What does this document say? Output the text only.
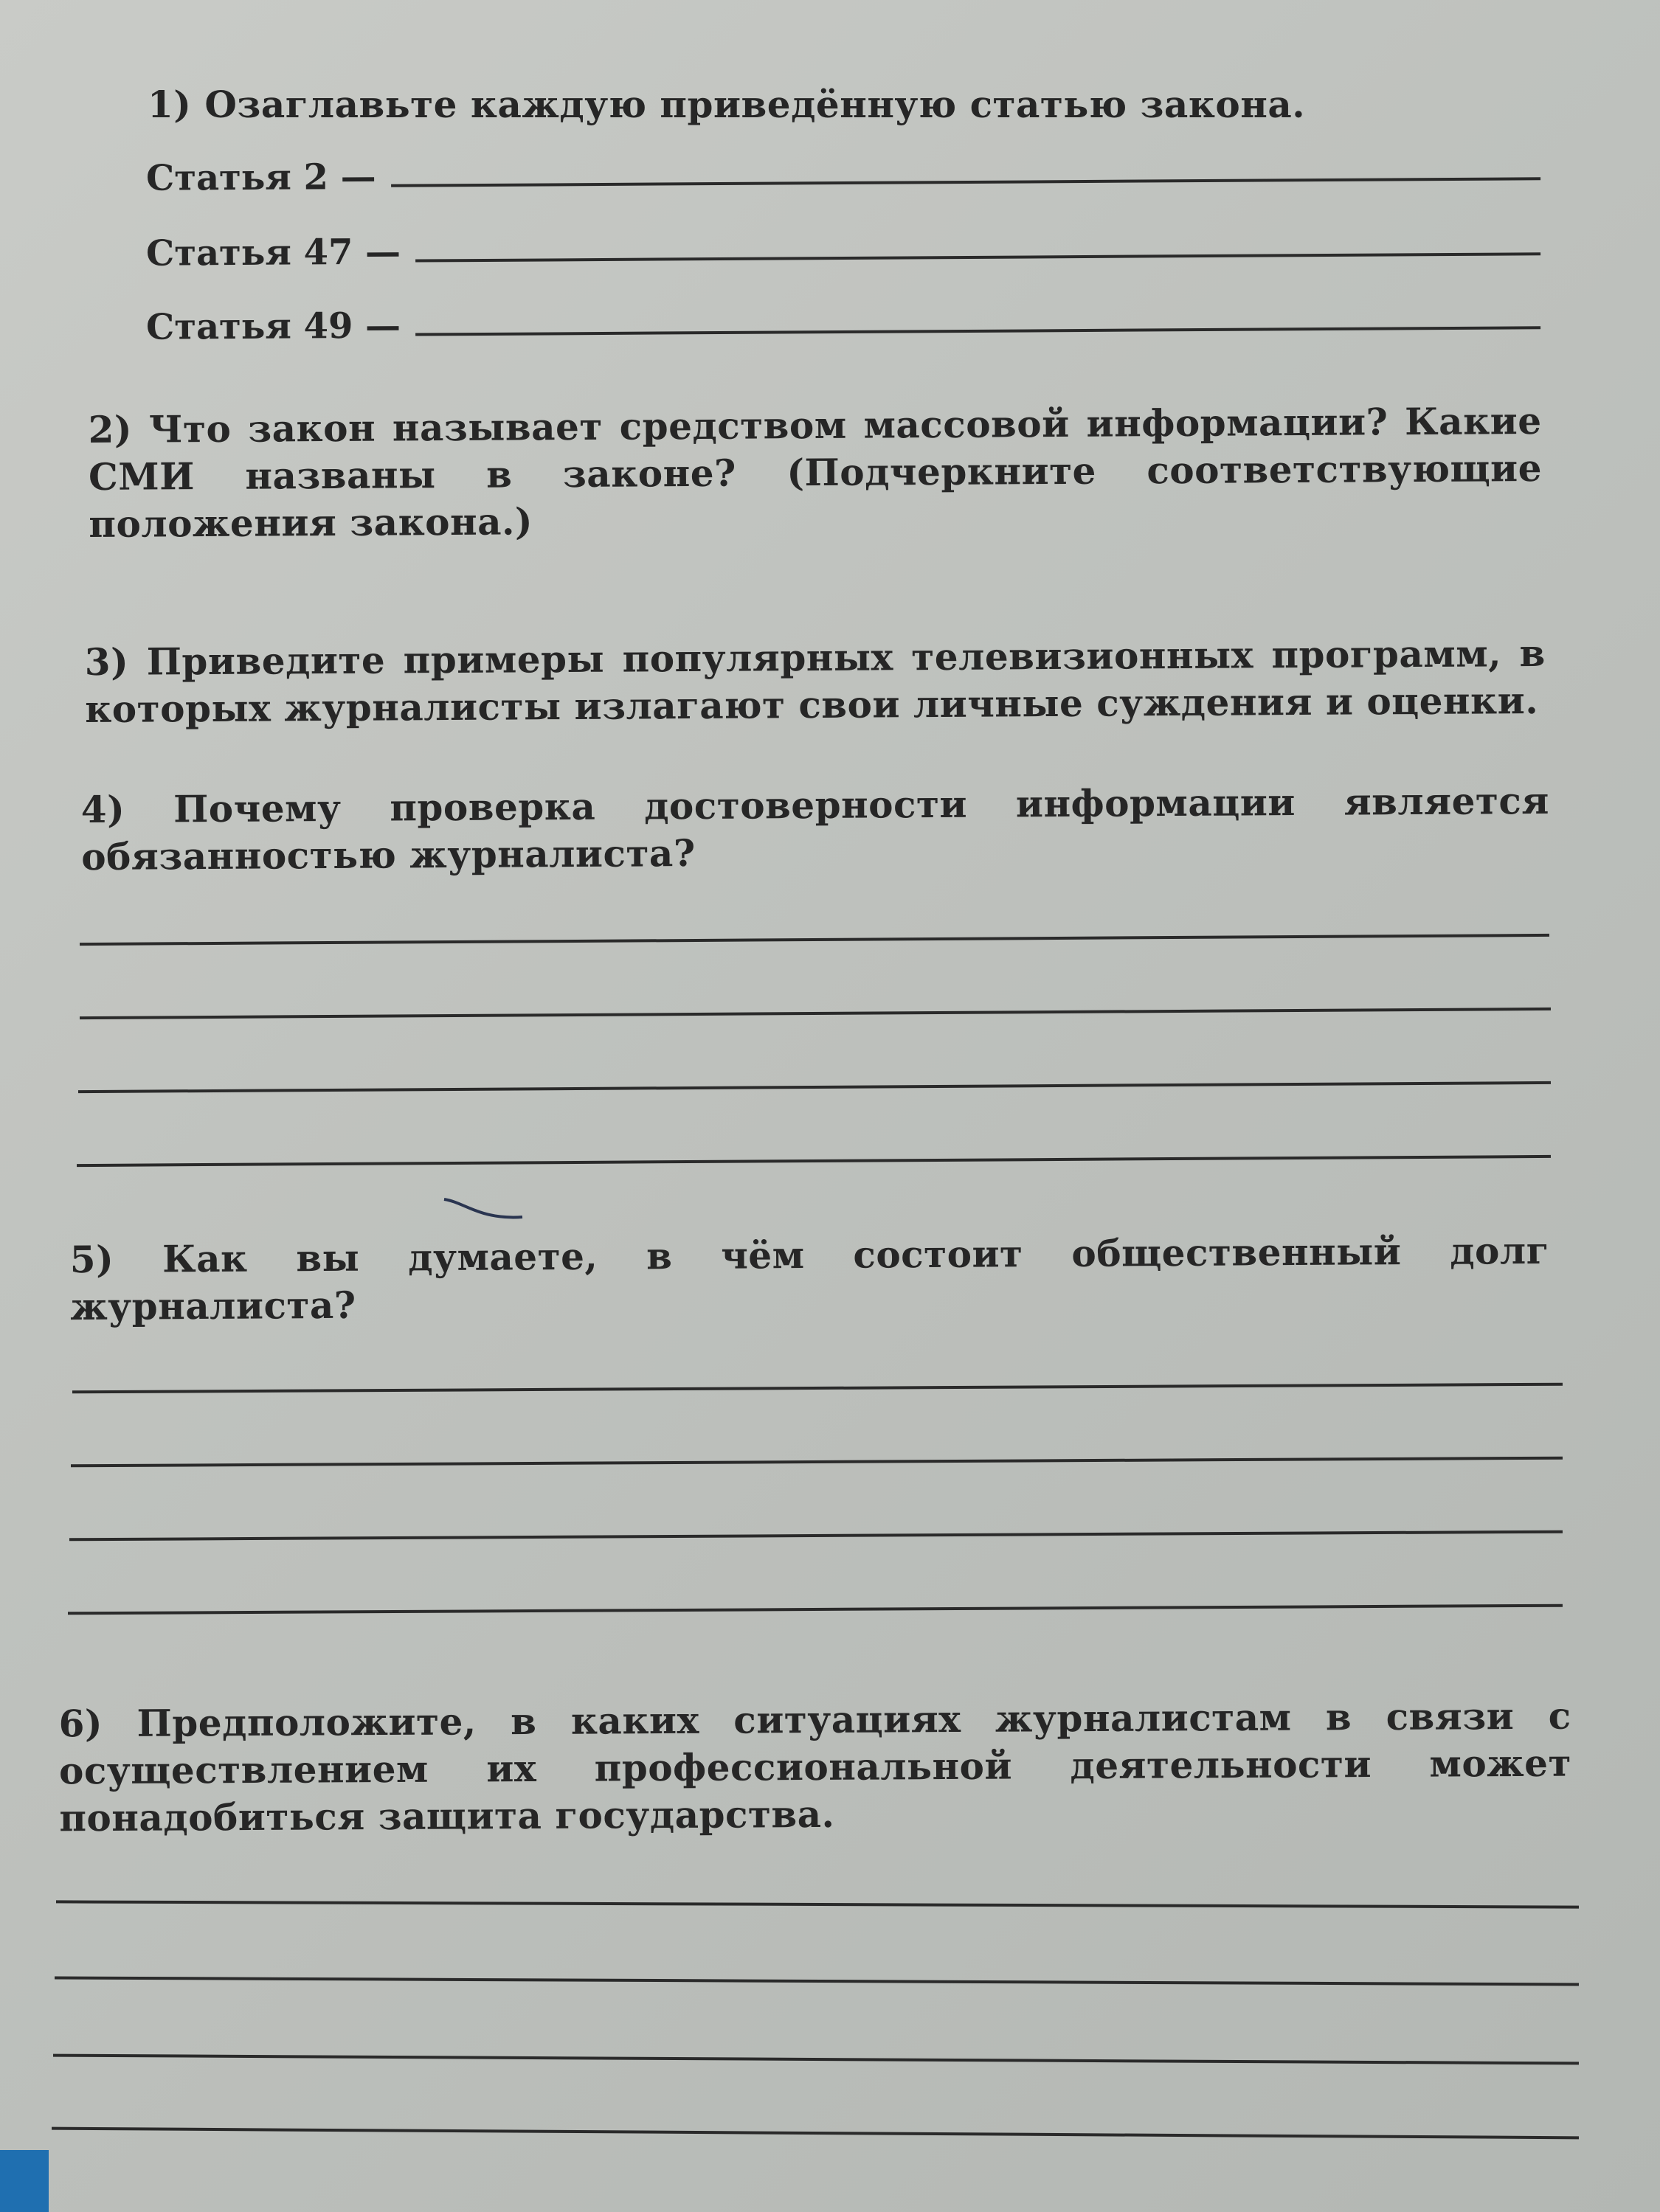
1) Озаглавьте каждую приведённую статью закона.

Статья 2 —
Статья 47 —
Статья 49 —

2) Что закон называет средством массовой информации? Какие СМИ названы в законе? (Подчеркните соответствующие положения закона.)

3) Приведите примеры популярных телевизионных программ, в которых журналисты излагают свои личные суждения и оценки.

4) Почему проверка достоверности информации является обязанностью журналиста?

5) Как вы думаете, в чём состоит общественный долг журналиста?

6) Предположите, в каких ситуациях журналистам в связи с осуществлением их профессиональной деятельности может понадобиться защита государства.
